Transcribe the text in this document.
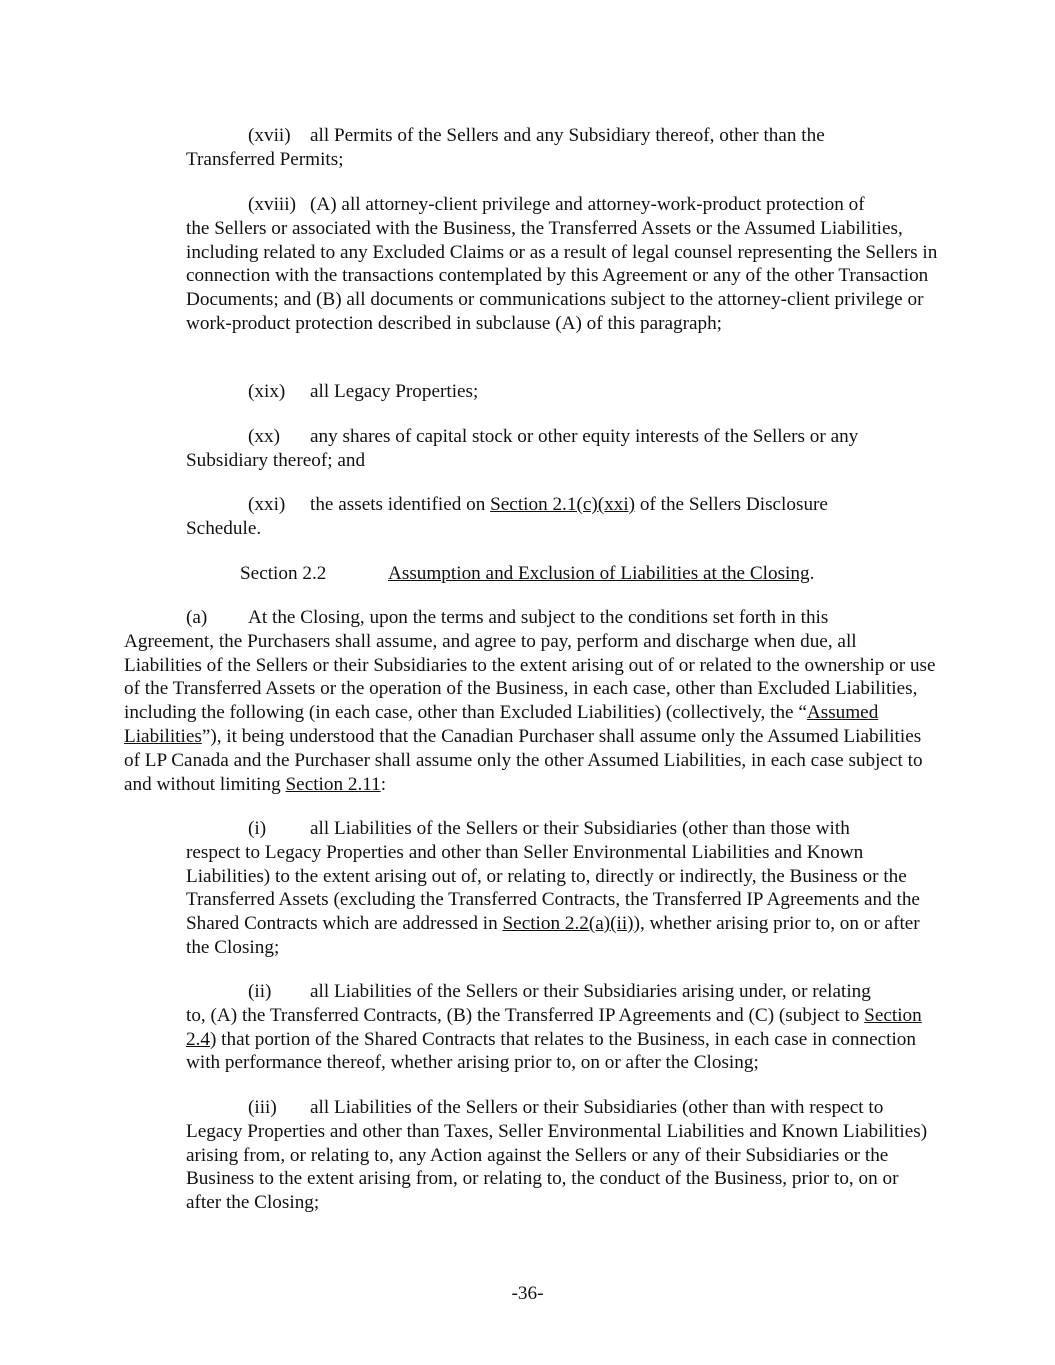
(xvii) all Permits of the Sellers and any Subsidiary thereof, other than the
Transferred Permits;
(xviii) (A) all attorney-client privilege and attorney-work-product protection of
the Sellers or associated with the Business, the Transferred Assets or the Assumed Liabilities, including related to any Excluded Claims or as a result of legal counsel representing the Sellers in connection with the transactions contemplated by this Agreement or any of the other Transaction Documents; and (B) all documents or communications subject to the attorney-client privilege or work-product protection described in subclause (A) of this paragraph;
(xix) all Legacy Properties;
(xx) any shares of capital stock or other equity interests of the Sellers or any
Subsidiary thereof; and
(xxi) the assets identified on Section 2.1(c)(xxi) of the Sellers Disclosure
Schedule.
Section 2.2	Assumption and Exclusion of Liabilities at the Closing.
(a) At the Closing, upon the terms and subject to the conditions set forth in this
Agreement, the Purchasers shall assume, and agree to pay, perform and discharge when due, all Liabilities of the Sellers or their Subsidiaries to the extent arising out of or related to the ownership or use of the Transferred Assets or the operation of the Business, in each case, other than Excluded Liabilities, including the following (in each case, other than Excluded Liabilities) (collectively, the “Assumed Liabilities”), it being understood that the Canadian Purchaser shall assume only the Assumed Liabilities of LP Canada and the Purchaser shall assume only the other Assumed Liabilities, in each case subject to and without limiting Section 2.11:
(i) all Liabilities of the Sellers or their Subsidiaries (other than those with
respect to Legacy Properties and other than Seller Environmental Liabilities and Known Liabilities) to the extent arising out of, or relating to, directly or indirectly, the Business or the Transferred Assets (excluding the Transferred Contracts, the Transferred IP Agreements and the Shared Contracts which are addressed in Section 2.2(a)(ii)), whether arising prior to, on or after the Closing;
(ii) all Liabilities of the Sellers or their Subsidiaries arising under, or relating
to, (A) the Transferred Contracts, (B) the Transferred IP Agreements and (C) (subject to Section 2.4) that portion of the Shared Contracts that relates to the Business, in each case in connection with performance thereof, whether arising prior to, on or after the Closing;
(iii) all Liabilities of the Sellers or their Subsidiaries (other than with respect to
Legacy Properties and other than Taxes, Seller Environmental Liabilities and Known Liabilities) arising from, or relating to, any Action against the Sellers or any of their Subsidiaries or the Business to the extent arising from, or relating to, the conduct of the Business, prior to, on or after the Closing;
-36-
